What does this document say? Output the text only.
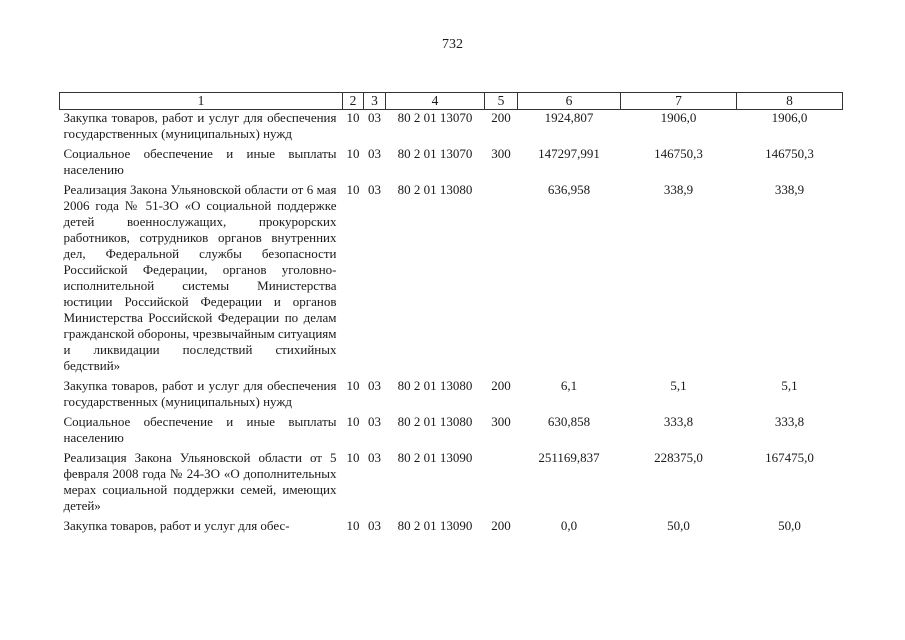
732
1	2	3	4	5	6	7	8
Закупка товаров, работ и услуг для обеспечения государственных (муниципальных) нужд	10	03	80 2 01 13070	200	1924,807	1906,0	1906,0
Социальное обеспечение и иные выплаты населению	10	03	80 2 01 13070	300	147297,991	146750,3	146750,3
Реализация Закона Ульяновской области от 6 мая 2006 года № 51-ЗО «О социальной поддержке детей военнослужащих, прокурорских работников, сотрудников органов внутренних дел, Федеральной службы безопасности Российской Федерации, органов уголовно-исполнительной системы Министерства юстиции Российской Федерации и органов Министерства Российской Федерации по делам гражданской обороны, чрезвычайным ситуациям и ликвидации последствий стихийных бедствий»	10	03	80 2 01 13080		636,958	338,9	338,9
Закупка товаров, работ и услуг для обеспечения государственных (муниципальных) нужд	10	03	80 2 01 13080	200	6,1	5,1	5,1
Социальное обеспечение и иные выплаты населению	10	03	80 2 01 13080	300	630,858	333,8	333,8
Реализация Закона Ульяновской области от 5 февраля 2008 года № 24-ЗО «О дополнительных мерах социальной поддержки семей, имеющих детей»	10	03	80 2 01 13090		251169,837	228375,0	167475,0
Закупка товаров, работ и услуг для обес-	10	03	80 2 01 13090	200	0,0	50,0	50,0
